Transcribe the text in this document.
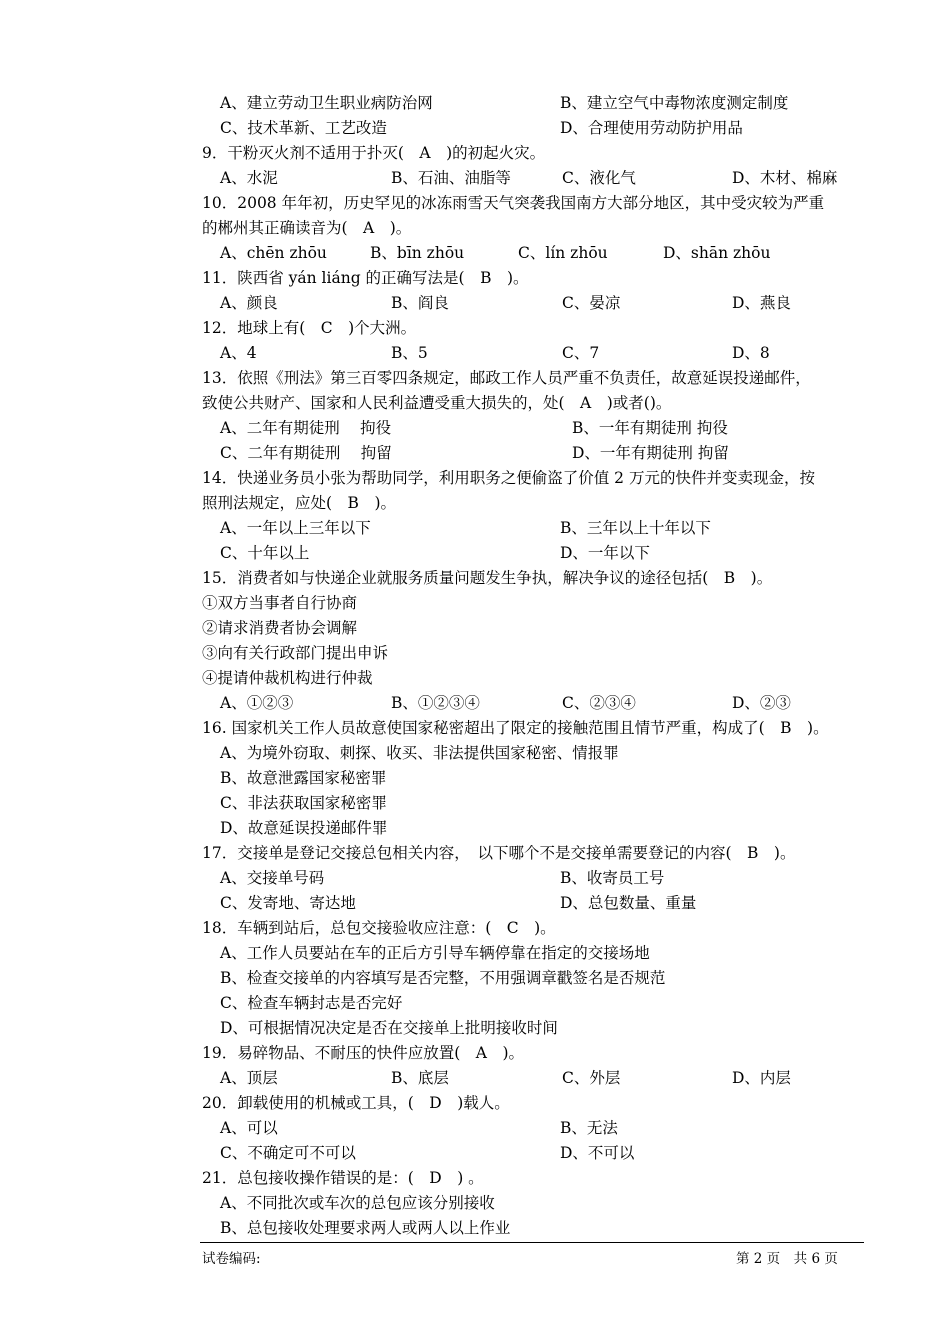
A、建立劳动卫生职业病防治网	B、建立空气中毒物浓度测定制度
C、技术革新、工艺改造	D、合理使用劳动防护用品
9．干粉灭火剂不适用于扑灭(　A　)的初起火灾。
A、水泥	B、石油、油脂等	C、液化气	D、木材、棉麻
10．2008 年年初，历史罕见的冰冻雨雪天气突袭我国南方大部分地区，其中受灾较为严重
的郴州其正确读音为(　A　)。
A、chēn zhōu	B、bīn zhōu	C、lín zhōu	D、shān zhōu
11．陕西省 yán liáng 的正确写法是(　B　)。
A、颜良	B、阎良	C、晏凉	D、燕良
12．地球上有(　C　)个大洲。
A、4	B、5	C、7	D、8
13．依照《刑法》第三百零四条规定，邮政工作人员严重不负责任，故意延误投递邮件，
致使公共财产、国家和人民利益遭受重大损失的，处(　A　)或者()。
A、二年有期徒刑　 拘役	B、一年有期徒刑 拘役
C、二年有期徒刑　 拘留	D、一年有期徒刑 拘留
14．快递业务员小张为帮助同学，利用职务之便偷盗了价值 2 万元的快件并变卖现金，按
照刑法规定，应处(　B　)。
A、一年以上三年以下	B、三年以上十年以下
C、十年以上	D、一年以下
15．消费者如与快递企业就服务质量问题发生争执，解决争议的途径包括(　B　)。
①双方当事者自行协商
②请求消费者协会调解
③向有关行政部门提出申诉
④提请仲裁机构进行仲裁
A、①②③	B、①②③④	C、②③④	D、②③
16. 国家机关工作人员故意使国家秘密超出了限定的接触范围且情节严重，构成了(　B　)。
A、为境外窃取、刺探、收买、非法提供国家秘密、情报罪
B、故意泄露国家秘密罪
C、非法获取国家秘密罪
D、故意延误投递邮件罪
17．交接单是登记交接总包相关内容，　以下哪个不是交接单需要登记的内容(　B　)。
A、交接单号码	B、收寄员工号
C、发寄地、寄达地	D、总包数量、重量
18．车辆到站后，总包交接验收应注意：(　C　)。
A、工作人员要站在车的正后方引导车辆停靠在指定的交接场地
B、检查交接单的内容填写是否完整，不用强调章戳签名是否规范
C、检查车辆封志是否完好
D、可根据情况决定是否在交接单上批明接收时间
19．易碎物品、不耐压的快件应放置(　A　)。
A、顶层	B、底层	C、外层	D、内层
20．卸载使用的机械或工具，(　D　)载人。
A、可以	B、无法
C、不确定可不可以	D、不可以
21．总包接收操作错误的是：(　D　) 。
A、不同批次或车次的总包应该分别接收
B、总包接收处理要求两人或两人以上作业
试卷编码:	第 2 页　共 6 页
